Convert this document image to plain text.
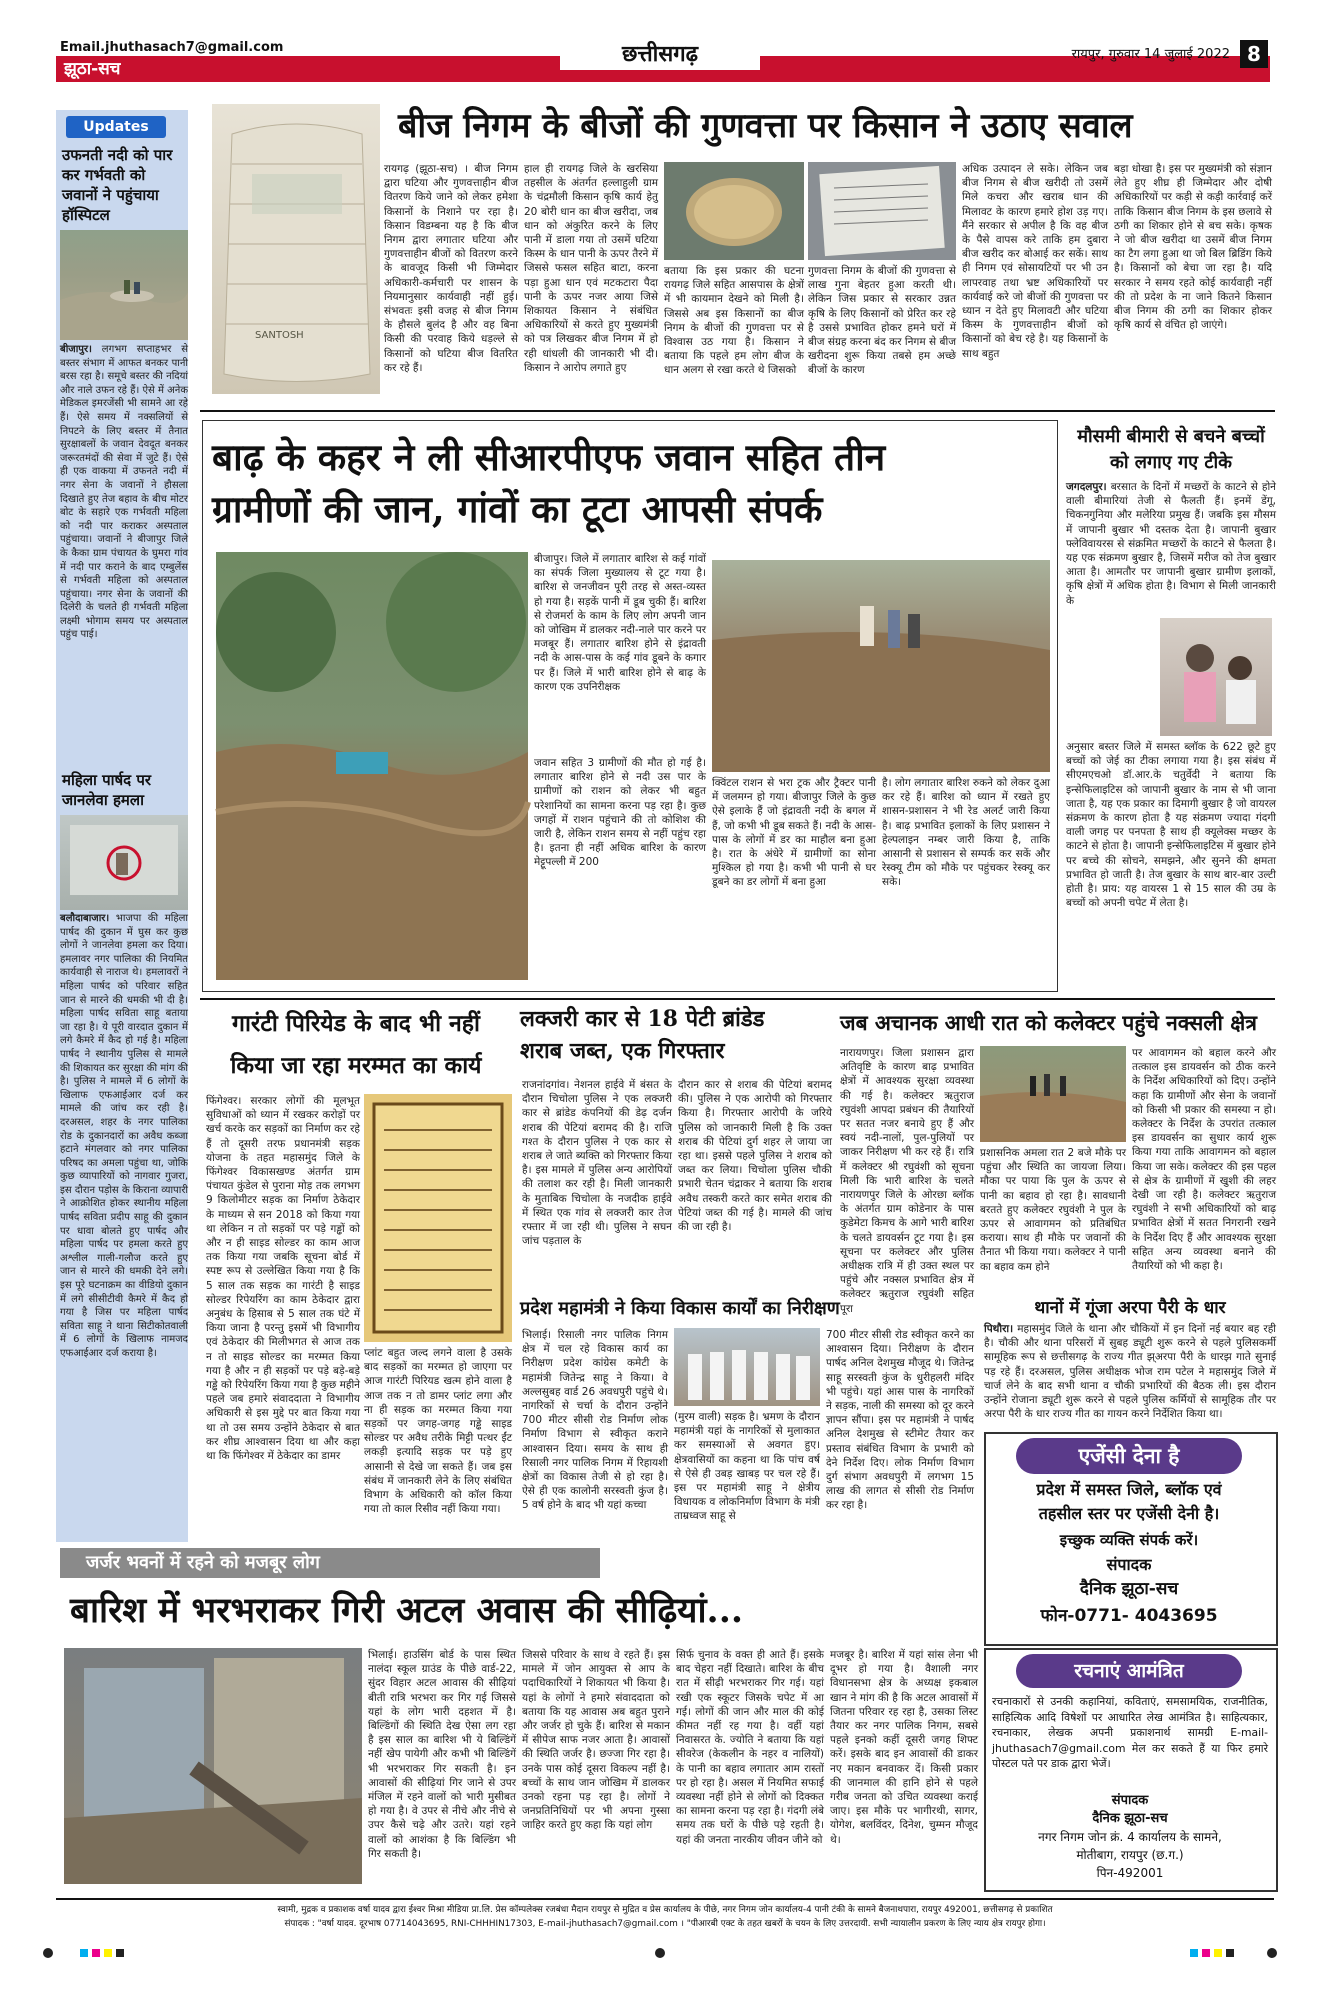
Email.jhuthasach7@gmail.com
झूठा-सच
छत्तीसगढ़	रायपुर, गुरुवार 14 जुलाई 2022 8
Updates
उफनती नदी को पार कर गर्भवती को जवानों ने पहुंचाया हॉस्पिटल
बीजापुर। लगभग सप्ताहभर से बस्तर संभाग में आफत बनकर पानी बरस रहा है। समूचे बस्तर की नदियां और नाले उफन रहे हैं। ऐसे में अनेक मेडिकल इमरजेंसी भी सामने आ रहे हैं। ऐसे समय में नक्सलियों से निपटने के लिए बस्तर में तैनात सुरक्षाबलों के जवान देवदूत बनकर जरूरतमंदों की सेवा में जुटे हैं। ऐसे ही एक वाकया में उफनते नदी में नगर सेना के जवानों ने हौसला दिखाते हुए तेज बहाव के बीच मोटर बोट के सहारे एक गर्भवती महिला को नदी पार कराकर अस्पताल पहुंचाया। जवानों ने बीजापुर जिले के कैका ग्राम पंचायत के घुमरा गांव में नदी पार कराने के बाद एम्बुलेंस से गर्भवती महिला को अस्पताल पहुंचाया। नगर सेना के जवानों की दिलेरी के चलते ही गर्भवती महिला लक्ष्मी भोगाम समय पर अस्पताल पहुंच पाई।
महिला पार्षद पर जानलेवा हमला
बलौदाबाजार। भाजपा की महिला पार्षद की दुकान में घुस कर कुछ लोगों ने जानलेवा हमला कर दिया। हमलावर नगर पालिका की नियमित कार्यवाही से नाराज थे। हमलावरों ने महिला पार्षद को परिवार सहित जान से मारने की धमकी भी दी है। महिला पार्षद सविता साहू बताया जा रहा है। ये पूरी वारदात दुकान में लगे कैमरे में कैद हो गई है। महिला पार्षद ने स्थानीय पुलिस से मामले की शिकायत कर सुरक्षा की मांग की है। पुलिस ने मामले में 6 लोगों के खिलाफ एफआईआर दर्ज कर मामले की जांच कर रही है। दरअसल, शहर के नगर पालिका रोड के दुकानदारों का अवैध कब्जा हटाने मंगलवार को नगर पालिका परिषद का अमला पहुंचा था, जोकि कुछ व्यापारियों को नागवार गुजरा, इस दौरान पड़ोस के किराना व्यापारी ने आक्रोशित होकर स्थानीय महिला पार्षद सविता प्रदीप साहू की दुकान पर धावा बोलते हुए पार्षद और महिला पार्षद पर हमला करते हुए अश्लील गाली-गलौज करते हुए जान से मारने की धमकी देने लगे। इस पूरे घटनाक्रम का वीडियो दुकान में लगे सीसीटीवी कैमरे में कैद हो गया है जिस पर महिला पार्षद सविता साहू ने थाना सिटीकोतवाली में 6 लोगों के खिलाफ नामजद एफआईआर दर्ज कराया है।
SANTOSH
बीज निगम के बीजों की गुणवत्ता पर किसान ने उठाए सवाल
रायगढ़ (झूठा-सच) । बीज निगम द्वारा घटिया और गुणवत्ताहीन बीज वितरण किये जाने को लेकर हमेशा किसानों के निशाने पर रहा है। किसान विडम्बना यह है कि बीज निगम द्वारा लगातार घटिया और गुणवत्ताहीन बीजों को वितरण करने के बावजूद किसी भी जिम्मेदार अधिकारी-कर्मचारी पर शासन के नियमानुसार कार्यवाही नहीं हुई। संभवतः इसी वजह से बीज निगम के हौसले बुलंद है और वह बिना किसी की परवाह किये धड़ल्ले से किसानों को घटिया बीज वितरित कर रहे हैं।
हाल ही रायगढ़ जिले के खरसिया तहसील के अंतर्गत हल्लाहुली ग्राम के चंद्रमौली किसान कृषि कार्य हेतु 20 बोरी धान का बीज खरीदा, जब धान को अंकुरित करने के लिए पानी में डाला गया तो उसमें घटिया किस्म के धान पानी के ऊपर तैरने में जिससे फसल सहित बाटा, करना पड़ा हुआ धान एवं मटकटारा पैदा पानी के ऊपर नजर आया जिसे शिकायत किसान ने संबंधित अधिकारियों से करते हुए मुख्यमंत्री को पत्र लिखकर बीज निगम में हो रही धांधली की जानकारी भी दी। किसान ने आरोप लगाते हुए
बताया कि इस प्रकार की घटना रायगढ़ जिले सहित आसपास के क्षेत्रों में भी कायमान देखने को मिली है। जिससे अब इस किसानों का बीज निगम के बीजों की गुणवत्ता पर से विश्वास उठ गया है। किसान ने बताया कि पहले हम लोग बीज के धान अलग से रखा करते थे जिसको
गुणवत्ता निगम के बीजों की गुणवत्ता से लाख गुना बेहतर हुआ करती थी। लेकिन जिस प्रकार से सरकार उन्नत कृषि के लिए किसानों को प्रेरित कर रहे है उससे प्रभावित होकर हमने घरों में बीज संग्रह करना बंद कर निगम से बीज खरीदना शुरू किया तबसे हम अच्छे बीजों के कारण
अधिक उत्पादन ले सके। लेकिन जब बीज निगम से बीज खरीदी तो उसमें मिले कचरा और खराब धान की मिलावट के कारण हमारे होश उड़ गए। मैंने सरकार से अपील है कि वह बीज के पैसे वापस करे ताकि हम दुबारा बीज खरीद कर बोआई कर सकें। साथ ही निगम एवं सोसायटियों पर भी उन लापरवाह तथा भ्रष्ट अधिकारियों पर कार्यवाई करे जो बीजों की गुणवत्ता पर ध्यान न देते हुए मिलावटी और घटिया किस्म के गुणवत्ताहीन बीजों को किसानों को बेच रहे है। यह किसानों के साथ बहुत
बड़ा धोखा है। इस पर मुख्यमंत्री को संज्ञान लेते हुए शीघ्र ही जिम्मेदार और दोषी अधिकारियों पर कड़ी से कड़ी कार्रवाई करें ताकि किसान बीज निगम के इस छलावे से ठगी का शिकार होने से बच सके। कृषक ने जो बीज खरीदा था उसमें बीज निगम का टैग लगा हुआ था जो बिल ब्रिडिंग किये है। किसानों को बेचा जा रहा है। यदि सरकार ने समय रहते कोई कार्यवाही नहीं की तो प्रदेश के ना जाने कितने किसान बीज निगम की ठगी का शिकार होकर कृषि कार्य से वंचित हो जाएंगे।
बाढ़ के कहर ने ली सीआरपीएफ जवान सहित तीन
ग्रामीणों की जान, गांवों का टूटा आपसी संपर्क
बीजापुर। जिले में लगातार बारिश से कई गांवों का संपर्क जिला मुख्यालय से टूट गया है। बारिश से जनजीवन पूरी तरह से अस्त-व्यस्त हो गया है। सड़कें पानी में डूब चुकी हैं। बारिश से रोजमर्रा के काम के लिए लोग अपनी जान को जोखिम में डालकर नदी-नाले पार करने पर मजबूर हैं। लगातार बारिश होने से इंद्रावती नदी के आस-पास के कई गांव डूबने के कगार पर हैं। जिले में भारी बारिश होने से बाढ़ के कारण एक उपनिरीक्षक
जवान सहित 3 ग्रामीणों की मौत हो गई है। लगातार बारिश होने से नदी उस पार के ग्रामीणों को राशन को लेकर भी बहुत परेशानियों का सामना करना पड़ रहा है। कुछ जगहों में राशन पहुंचाने की तो कोशिश की जारी है, लेकिन राशन समय से नहीं पहुंच रहा है। इतना ही नहीं अधिक बारिश के कारण मेट्टूपल्ली में 200
क्विंटल राशन से भरा ट्रक और ट्रैक्टर पानी में जलमग्न हो गया। बीजापुर जिले के कुछ ऐसे इलाके हैं जो इंद्रावती नदी के बगल में हैं, जो कभी भी डूब सकते हैं। नदी के आस-पास के लोगों में डर का माहौल बना हुआ है। रात के अंधेरे में ग्रामीणों का सोना मुश्किल हो गया है। कभी भी पानी से घर डूबने का डर लोगों में बना हुआ
है। लोग लगातार बारिश रुकने को लेकर दुआ कर रहे हैं। बारिश को ध्यान में रखते हुए शासन-प्रशासन ने भी रेड अलर्ट जारी किया है। बाढ़ प्रभावित इलाकों के लिए प्रशासन ने हेल्पलाइन नम्बर जारी किया है, ताकि आसानी से प्रशासन से सम्पर्क कर सकें और रेस्क्यू टीम को मौके पर पहुंचकर रेस्क्यू कर सके।
मौसमी बीमारी से बचने बच्चों को लगाए गए टीके
जगदलपुर। बरसात के दिनों में मच्छरों के काटने से होने वाली बीमारियां तेजी से फैलती हैं। इनमें डेंगू, चिकनगुनिया और मलेरिया प्रमुख हैं। जबकि इस मौसम में जापानी बुखार भी दस्तक देता है। जापानी बुखार फ्लेविवायरस से संक्रमित मच्छरों के काटने से फैलता है। यह एक संक्रमण बुखार है, जिसमें मरीज को तेज बुखार आता है। आमतौर पर जापानी बुखार ग्रामीण इलाकों, कृषि क्षेत्रों में अधिक होता है। विभाग से मिली जानकारी के
अनुसार बस्तर जिले में समस्त ब्लॉक के 622 छूटे हुए बच्चों को जेई का टीका लगाया गया है। इस संबंध में सीएमएचओ डॉ.आर.के चतुर्वेदी ने बताया कि इन्सेफिलाइटिस को जापानी बुखार के नाम से भी जाना जाता है, यह एक प्रकार का दिमागी बुखार है जो वायरल संक्रमण के कारण होता है यह संक्रमण ज्यादा गंदगी वाली जगह पर पनपता है साथ ही क्यूलेक्स मच्छर के काटने से होता है। जापानी इन्सेफिलाइटिस में बुखार होने पर बच्चे की सोचने, समझने, और सुनने की क्षमता प्रभावित हो जाती है। तेज बुखार के साथ बार-बार उल्टी होती है। प्राय: यह वायरस 1 से 15 साल की उम्र के बच्चों को अपनी चपेट में लेता है।
गारंटी पिरियेड के बाद भी नहीं
किया जा रहा मरम्मत का कार्य
फिंगेश्वर। सरकार लोगों की मूलभूत सुविधाओं को ध्यान में रखकर करोड़ों पर खर्च करके कर सड़कों का निर्माण कर रहे हैं तो दूसरी तरफ प्रधानमंत्री सड़क योजना के तहत महासमुंद जिले के फिंगेश्वर विकासखण्ड अंतर्गत ग्राम पंचायत कुंडेल से पुराना मोड़ तक लगभग 9 किलोमीटर सड़क का निर्माण ठेकेदार के माध्यम से सन 2018 को किया गया था लेकिन न तो सड़कों पर पड़े गड्ढों को और न ही साइड सोल्डर का काम आज तक किया गया जबकि सूचना बोर्ड में स्पष्ट रूप से उल्लेखित किया गया है कि 5 साल तक सड़क का गारंटी है साइड सोल्डर रिपेयरिंग का काम ठेकेदार द्वारा अनुबंध के हिसाब से 5 साल तक घंटे में किया जाना है परन्तु इसमें भी विभागीय एवं ठेकेदार की मिलीभगत से आज तक न तो साइड सोल्डर का मरम्मत किया गया है और न ही सड़कों पर पड़े बड़े-बड़े गड्ढे को रिपेयरिंग किया गया है कुछ महीने पहले जब हमारे संवाददाता ने विभागीय अधिकारी से इस मुद्दे पर बात किया गया था तो उस समय उन्होंने ठेकेदार से बात कर शीघ्र आश्वासन दिया था और कहा था कि फिंगेश्वर में ठेकेदार का डामर
प्लांट बहुत जल्द लगने वाला है उसके बाद सड़कों का मरम्मत हो जाएगा पर आज गारंटी पिरियड खत्म होने वाला है आज तक न तो डामर प्लांट लगा और ना ही सड़क का मरम्मत किया गया सड़कों पर जगह-जगह गड्ढे साइड सोल्डर पर अवैध तरीके मिट्टी पत्थर ईंट लकड़ी इत्यादि सड़क पर पड़े हुए आसानी से देखे जा सकते हैं। जब इस संबंध में जानकारी लेने के लिए संबंधित विभाग के अधिकारी को कॉल किया गया तो काल रिसीव नहीं किया गया।
लक्जरी कार से 18 पेटी ब्रांडेड
शराब जब्त, एक गिरफ्तार
राजनांदगांव। नेशनल हाईवे में बंसत के दौरान चिचोला पुलिस ने एक लक्जरी कार से ब्रांडेड कंपनियों की डेढ़ दर्जन शराब की पेटियां बरामद की है। राजि गश्त के दौरान पुलिस ने एक कार से शराब ले जाते ब्यक्ति को गिरफ्तार किया है। इस मामले में पुलिस अन्य आरोपियों की तलाश कर रही है। मिली जानकारी के मुताबिक चिचोला के नजदीक हाईवे में स्थित एक गांव से लक्जरी कार तेज रफ्तार में जा रही थी। पुलिस ने सघन जांच पड़ताल के
दौरान कार से शराब की पेटियां बरामद की। पुलिस ने एक आरोपी को गिरफ्तार किया है। गिरफ्तार आरोपी के जरिये पुलिस को जानकारी मिली है कि उक्त शराब की पेटियां दुर्ग शहर ले जाया जा रहा था। इससे पहले पुलिस ने शराब को जब्त कर लिया। चिचोला पुलिस चौकी प्रभारी चेतन चंद्राकर ने बताया कि शराब अवैध तस्करी करते कार समेत शराब की पेटियां जब्त की गई है। मामले की जांच की जा रही है।
जब अचानक आधी रात को कलेक्टर पहुंचे नक्सली क्षेत्र
नारायणपुर। जिला प्रशासन द्वारा अतिवृष्टि के कारण बाढ़ प्रभावित क्षेत्रों में आवश्यक सुरक्षा व्यवस्था की गई है। कलेक्टर ऋतुराज रघुवंशी आपदा प्रबंधन की तैयारियों पर सतत नजर बनाये हुए हैं और स्वयं नदी-नालों, पुल-पुलियों पर जाकर निरीक्षण भी कर रहे हैं। रात्रि में कलेक्टर श्री रघुवंशी को सूचना मिली कि भारी बारिश के चलते नारायणपुर जिले के ओरछा ब्लॉक के अंतर्गत ग्राम कोडेनार के पास कुडेमेटा किमच के आगे भारी बारिश के चलते डायवर्सन टूट गया है। इस सूचना पर कलेक्टर और पुलिस अधीक्षक रात्रि में ही उक्त स्थल पर पहुंचे और नक्सल प्रभावित क्षेत्र में कलेक्टर ऋतुराज रघुवंशी सहित पूरा
प्रशासनिक अमला रात 2 बजे मौके पर पहुंचा और स्थिति का जायजा लिया। मौका पर पाया कि पुल के ऊपर से पानी का बहाव हो रहा है। सावधानी बरतते हुए कलेक्टर रघुवंशी ने पुल के ऊपर से आवागमन को प्रतिबंधित कराया। साथ ही मौके पर जवानों की तैनात भी किया गया। कलेक्टर ने पानी का बहाव कम होने
पर आवागमन को बहाल करने और तत्काल इस डायवर्सन को ठीक करने के निर्देश अधिकारियों को दिए। उन्होंने कहा कि ग्रामीणों और सेना के जवानों को किसी भी प्रकार की समस्या न हो। कलेक्टर के निर्देश के उपरांत तत्काल इस डायवर्सन का सुधार कार्य शुरू किया गया ताकि आवागमन को बहाल किया जा सके। कलेक्टर की इस पहल से क्षेत्र के ग्रामीणों में खुशी की लहर देखी जा रही है। कलेक्टर ऋतुराज रघुवंशी ने सभी अधिकारियों को बाढ़ प्रभावित क्षेत्रों में सतत निगरानी रखने के निर्देश दिए हैं और आवश्यक सुरक्षा सहित अन्य व्यवस्था बनाने की तैयारियों को भी कहा है।
प्रदेश महामंत्री ने किया विकास कार्यों का निरीक्षण
भिलाई। रिसाली नगर पालिक निगम क्षेत्र में चल रहे विकास कार्य का निरीक्षण प्रदेश कांग्रेस कमेटी के महामंत्री जितेन्द्र साहू ने किया। वे अल्लसुबह वार्ड 26 अवधपुरी पहुंचे थे। नागरिकों से चर्चा के दौरान उन्होंने 700 मीटर सीसी रोड निर्माण लोक निर्माण विभाग से स्वीकृत कराने आश्वासन दिया। समय के साथ ही रिसाली नगर पालिक निगम में रिहायशी क्षेत्रों का विकास तेजी से हो रहा है। ऐसे ही एक कालोनी सरस्वती कुंज है। 5 वर्ष होने के बाद भी यहां कच्चा
(मुरम वाली) सड़क है। भ्रमण के दौरान महामंत्री यहां के नागरिकों से मुलाकात कर समस्याओं से अवगत हुए। क्षेत्रवासियों का कहना था कि पांच वर्ष से ऐसे ही उबड़ खाबड़ पर चल रहे हैं। इस पर महामंत्री साहू ने क्षेत्रीय विधायक व लोकनिर्माण विभाग के मंत्री ताम्रध्वज साहू से
700 मीटर सीसी रोड स्वीकृत करने का आश्वासन दिया। निरीक्षण के दौरान पार्षद अनिल देशमुख मौजूद थे। जितेन्द्र साहू सरस्वती कुंज के धुरीहलरी मंदिर भी पहुंचे। यहां आस पास के नागरिकों ने सड़क, नाली की समस्या को दूर करने ज्ञापन सौंपा। इस पर महामंत्री ने पार्षद अनिल देशमुख से स्टीमेट तैयार कर प्रस्ताव संबंधित विभाग के प्रभारी को देने निर्देश दिए। लोक निर्माण विभाग दुर्ग संभाग अवधपुरी में लगभग 15 लाख की लागत से सीसी रोड निर्माण कर रहा है।
थानों में गूंजा अरपा पैरी के धार
पिथौरा। महासमुंद जिले के थाना और चौकियों में इन दिनों नई बयार बह रही है। चौकी और थाना परिसरों में सुबह ड्यूटी शुरू करने से पहले पुलिसकर्मी सामूहिक रूप से छत्तीसगढ़ के राज्य गीत झ्अरपा पैरी के धारझ गाते सुनाई पड़ रहे हैं। दरअसल, पुलिस अधीक्षक भोज राम पटेल ने महासमुंद जिले में चार्ज लेने के बाद सभी थाना व चौकी प्रभारियों की बैठक ली। इस दौरान उन्होंने रोजाना ड्यूटी शुरू करने से पहले पुलिस कर्मियों से सामूहिक तौर पर अरपा पैरी के धार राज्य गीत का गायन करने निर्देशित किया था।
एजेंसी देना है
प्रदेश में समस्त जिले, ब्लॉक एवं
तहसील स्तर पर एजेंसी देनी है।
इच्छुक व्यक्ति संपर्क करें।
संपादक
दैनिक झूठा-सच
फोन-0771- 4043695
रचनाएं आमंत्रित
रचनाकारों से उनकी कहानियां, कविताएं, समसामयिक, राजनीतिक, साहित्यिक आदि विषेशों पर आधारित लेख आमंत्रित है। साहित्यकार, रचनाकार, लेखक अपनी प्रकाशनार्थ सामग्री E-mail-jhuthasach7@gmail.com मेल कर सकते हैं या फिर हमारे पोस्टल पते पर डाक द्वारा भेजें।
संपादक
दैनिक झूठा-सच
नगर निगम जोन क्रं. 4 कार्यालय के सामने,
मोतीबाग, रायपुर (छ.ग.)
पिन-492001
जर्जर भवनों में रहने को मजबूर लोग
बारिश में भरभराकर गिरी अटल अवास की सीढ़ियां...
भिलाई। हाउसिंग बोर्ड के पास स्थित नालंदा स्कूल ग्राउंड के पीछे वार्ड-22, सुंदर विहार अटल आवास की सीढ़ियां बीती रात्रि भरभरा कर गिर गई जिससे यहां के लोग भारी दहशत में है। बिल्डिंगों की स्थिति देख ऐसा लग रहा है इस साल का बारिश भी ये बिल्डिंगें नहीं खेप पायेगी और कभी भी बिल्डिंगें भी भरभराकर गिर सकती है। इन आवासों की सीढ़ियां गिर जाने से उपर मंजिल में रहने वालों को भारी मुसीबत हो गया है। वे उपर से नीचे और नीचे से उपर कैसे चढ़े और उतरे। यहां रहने वालों को आशंका है कि बिल्डिंग भी गिर सकती है।
जिससे परिवार के साथ वे रहते हैं। इस मामले में जोन आयुक्त से आप के पदाधिकारियों ने शिकायत भी किया है। यहां के लोगों ने हमारे संवाददाता को बताया कि यह आवास अब बहुत पुराने और जर्जर हो चुके हैं। बारिश से मकान में सीपेज साफ नजर आता है। आवासों की स्थिति जर्जर है। छज्जा गिर रहा है। उनके पास कोई दूसरा विकल्प नहीं है। बच्चों के साथ जान जोखिम में डालकर उनको रहना पड़ रहा है। लोगों ने जनप्रतिनिधियों पर भी अपना गुस्सा जाहिर करते हुए कहा कि यहां लोग
सिर्फ चुनाव के वक्त ही आते हैं। इसके बाद चेहरा नहीं दिखाते। बारिश के बीच रात में सीढ़ी भरभराकर गिर गई। यहां रखी एक स्कूटर जिसके चपेट में आ गई। लोगों की जान और माल की कोई कीमत नहीं रह गया है। वहीं यहां निवासरत के. ज्योति ने बताया कि यहां सीवरेज (केकलीन के नहर व नालियों) के पानी का बहाव लगातार आम रास्तों पर हो रहा है। असल में नियमित सफाई व्यवस्था नहीं होने से लोगों को दिक्कत का सामना करना पड़ रहा है। गंदगी लंबे समय तक घरों के पीछे पड़े रहती है। यहां की जनता नारकीय जीवन जीने को
मजबूर है। बारिश में यहां सांस लेना भी दूभर हो गया है। वैशाली नगर विधानसभा क्षेत्र के अध्यक्ष इकबाल खान ने मांग की है कि अटल आवासों में जितना परिवार रह रहा है, उसका लिस्ट तैयार कर नगर पालिक निगम, सबसे पहले इनको कहीं दूसरी जगह शिफ्ट करें। इसके बाद इन आवासों की डाकर नए मकान बनवाकर दें। किसी प्रकार की जानमाल की हानि होने से पहले गरीब जनता को उचित व्यवस्था कराई जाए। इस मौके पर भागीरथी, सागर, योगेश, बलविंदर, दिनेश, चुम्मन मौजूद थे।
स्वामी, मुद्रक व प्रकाशक वर्षा यादव द्वारा ईश्वर मिश्रा मीडिया प्रा.लि. प्रेस कॉम्पलेक्स रजबंधा मैदान रायपुर से मुद्रित व प्रेस कार्यालय के पीछे, नगर निगम जोन कार्यालय-4 पानी टंकी के सामने बैजनाथपारा, रायपुर 492001, छत्तीसगढ़ से प्रकाशित
संपादक : "वर्षा यादव. दूरभाष 07714043695, RNI-CHHHIN17303, E-mail-jhuthasach7@gmail.com । "पीआरबी एक्ट के तहत खबरों के चयन के लिए उत्तरदायी. सभी न्यायालीन प्रकरण के लिए न्याय क्षेत्र रायपुर होगा।
